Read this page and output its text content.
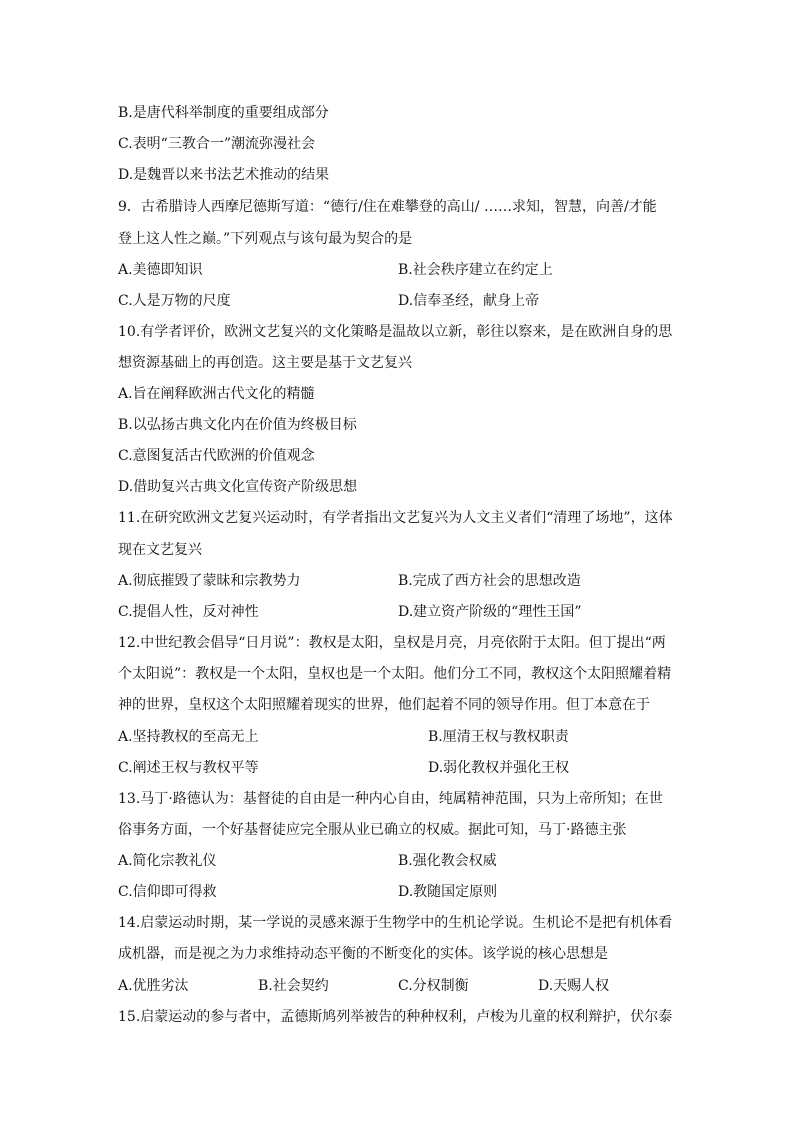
B.是唐代科举制度的重要组成部分
C.表明“三教合一”潮流弥漫社会
D.是魏晋以来书法艺术推动的结果
9．古希腊诗人西摩尼德斯写道：“德行/住在难攀登的高山/ ……求知，智慧，向善/才能
登上这人性之巅。”下列观点与该句最为契合的是
A.美德即知识	B.社会秩序建立在约定上
C.人是万物的尺度	D.信奉圣经，献身上帝
10.有学者评价，欧洲文艺复兴的文化策略是温故以立新，彰往以察来，是在欧洲自身的思
想资源基础上的再创造。这主要是基于文艺复兴
A.旨在阐释欧洲古代文化的精髓
B.以弘扬古典文化内在价值为终极目标
C.意图复活古代欧洲的价值观念
D.借助复兴古典文化宣传资产阶级思想
11.在研究欧洲文艺复兴运动时，有学者指出文艺复兴为人文主义者们“清理了场地”，这体
现在文艺复兴
A.彻底摧毁了蒙昧和宗教势力	B.完成了西方社会的思想改造
C.提倡人性，反对神性	D.建立资产阶级的“理性王国”
12.中世纪教会倡导“日月说”：教权是太阳，皇权是月亮，月亮依附于太阳。但丁提出“两
个太阳说”：教权是一个太阳，皇权也是一个太阳。他们分工不同，教权这个太阳照耀着精
神的世界，皇权这个太阳照耀着现实的世界，他们起着不同的领导作用。但丁本意在于
A.坚持教权的至高无上	B.厘清王权与教权职责
C.阐述王权与教权平等	D.弱化教权并强化王权
13.马丁·路德认为：基督徒的自由是一种内心自由，纯属精神范围，只为上帝所知；在世
俗事务方面，一个好基督徒应完全服从业已确立的权威。据此可知，马丁·路德主张
A.简化宗教礼仪	B.强化教会权威
C.信仰即可得救	D.教随国定原则
14.启蒙运动时期，某一学说的灵感来源于生物学中的生机论学说。生机论不是把有机体看
成机器，而是视之为力求维持动态平衡的不断变化的实体。该学说的核心思想是
A.优胜劣汰	B.社会契约	C.分权制衡	D.天赐人权
15.启蒙运动的参与者中，孟德斯鸠列举被告的种种权利，卢梭为儿童的权利辩护，伏尔泰
